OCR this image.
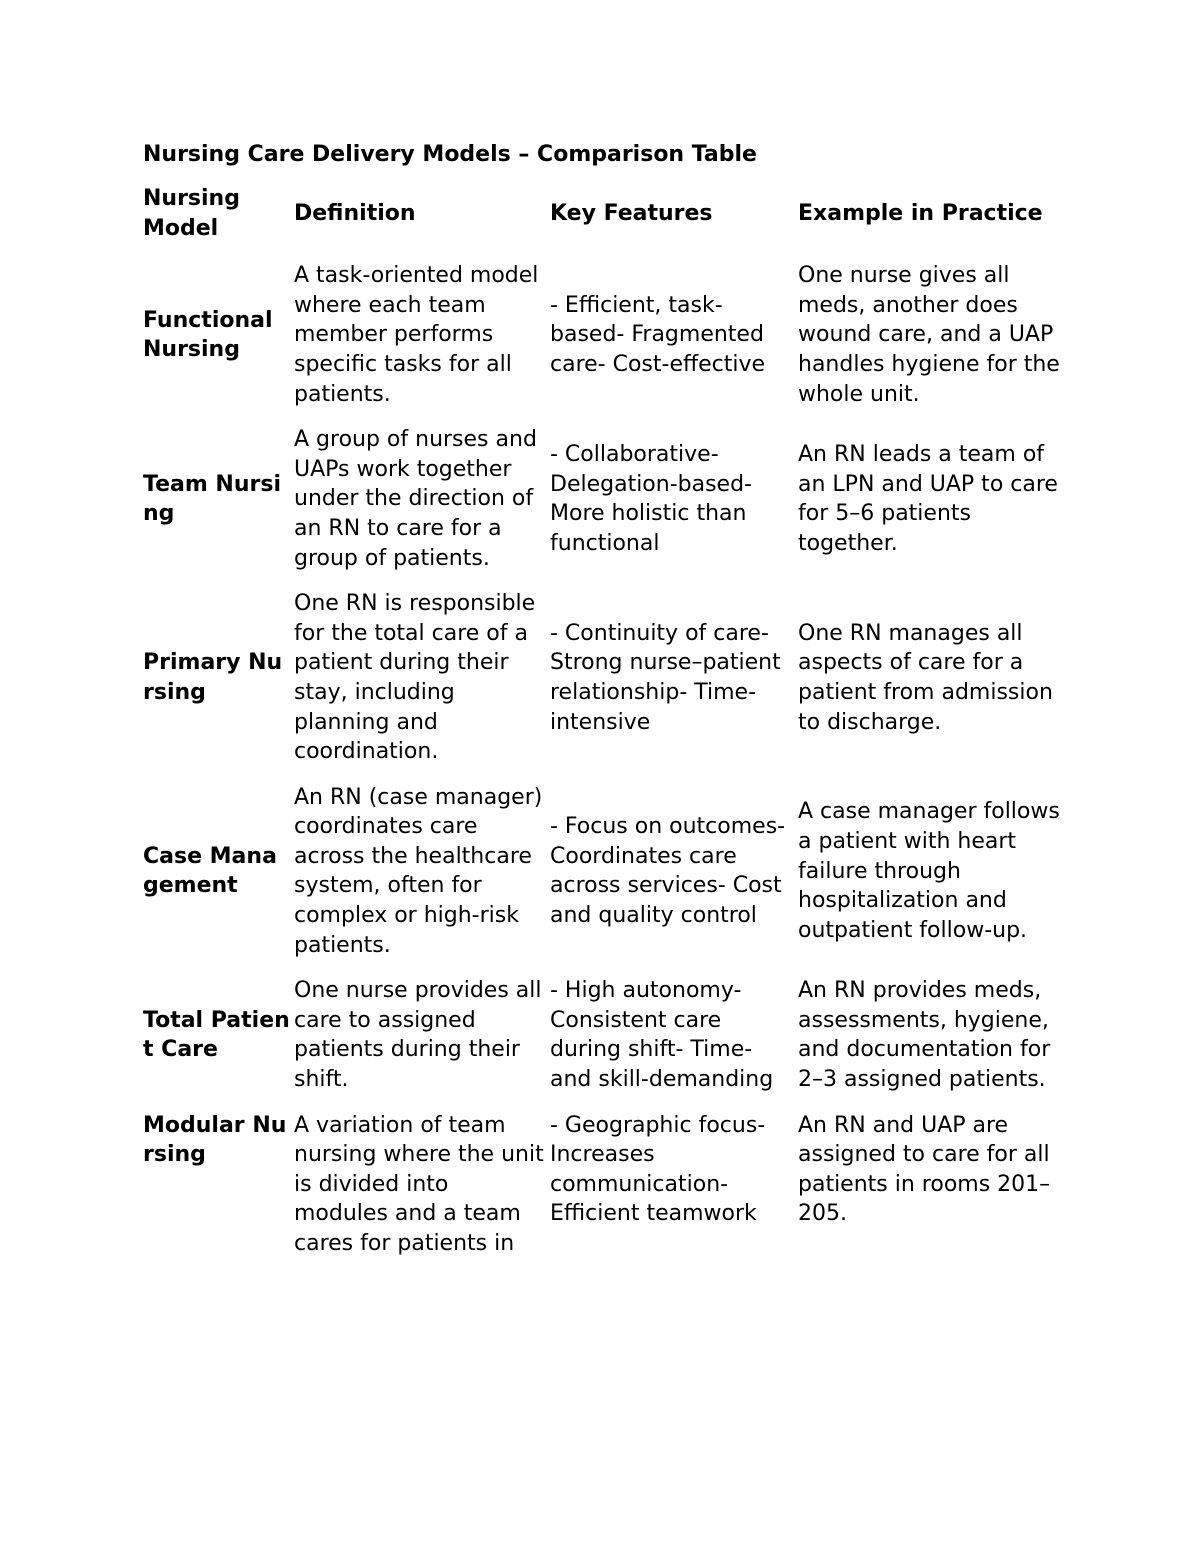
Nursing Care Delivery Models – Comparison Table
Nursing Model	Definition	Key Features	Example in Practice
Functional Nursing	A task-oriented model where each team member performs specific tasks for all patients.	- Efficient, task-based- Fragmented care- Cost-effective	One nurse gives all meds, another does wound care, and a UAP handles hygiene for the whole unit.
Team Nursing	A group of nurses and UAPs work together under the direction of an RN to care for a group of patients.	- Collaborative- Delegation-based- More holistic than functional	An RN leads a team of an LPN and UAP to care for 5–6 patients together.
Primary Nursing	One RN is responsible for the total care of a patient during their stay, including planning and coordination.	- Continuity of care- Strong nurse–patient relationship- Time-intensive	One RN manages all aspects of care for a patient from admission to discharge.
Case Management	An RN (case manager) coordinates care across the healthcare system, often for complex or high-risk patients.	- Focus on outcomes- Coordinates care across services- Cost and quality control	A case manager follows a patient with heart failure through hospitalization and outpatient follow-up.
Total Patient Care	One nurse provides all care to assigned patients during their shift.	- High autonomy- Consistent care during shift- Time- and skill-demanding	An RN provides meds, assessments, hygiene, and documentation for 2–3 assigned patients.
Modular Nursing	A variation of team nursing where the unit is divided into modules and a team cares for patients in	- Geographic focus- Increases communication- Efficient teamwork	An RN and UAP are assigned to care for all patients in rooms 201–205.
